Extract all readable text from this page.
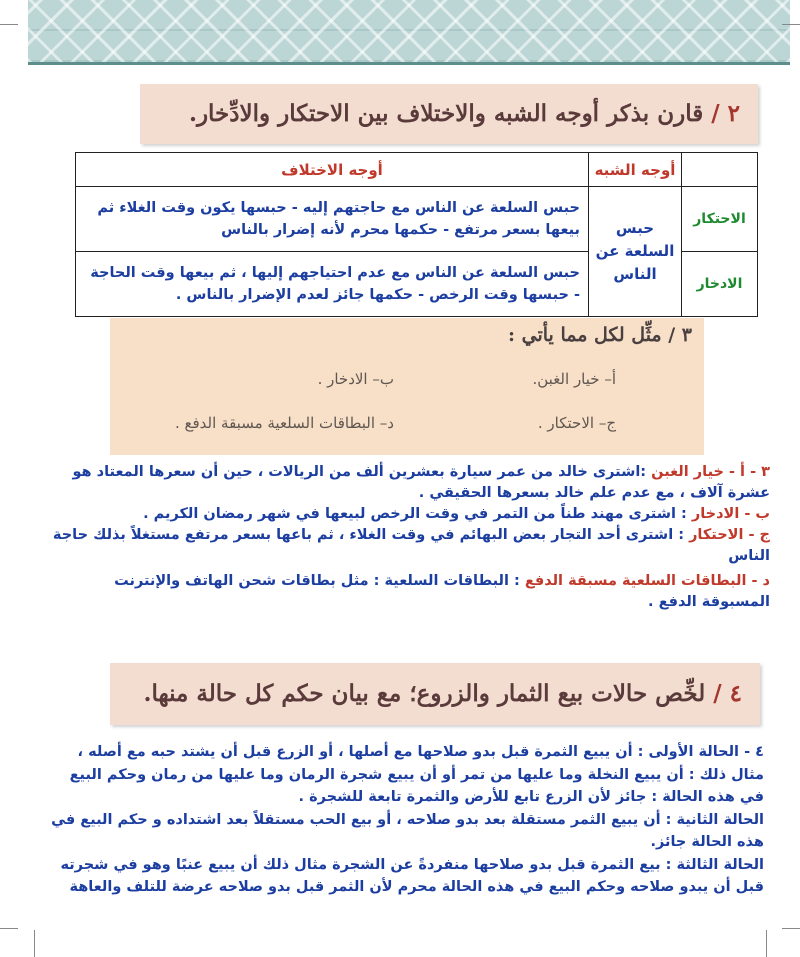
٢ / قارن بذكر أوجه الشبه والاختلاف بين الاحتكار والادِّخار.
	أوجه الشبه	أوجه الاختلاف
الاحتكار	حبس السلعة عن الناس	حبس السلعة عن الناس مع حاجتهم إليه - حبسها يكون وقت الغلاء ثم بيعها بسعر مرتفع - حكمها محرم لأنه إضرار بالناس
الادخار		حبس السلعة عن الناس مع عدم احتياجهم إليها ، ثم بيعها وقت الحاجة - حبسها وقت الرخص - حكمها جائز لعدم الإضرار بالناس .
٣ / مثِّل لكل مما يأتي :
أ– خيار الغبن.
ب– الادخار .
ج– الاحتكار .
د– البطاقات السلعية مسبقة الدفع .

٣ - أ - خيار الغبن :اشترى خالد من عمر سيارة بعشرين ألف من الريالات ، حين أن سعرها المعتاد هو عشرة آلاف ، مع عدم علم خالد بسعرها الحقيقي .

ب - الادخار : اشترى مهند طناً من التمر في وقت الرخص لبيعها في شهر رمضان الكريم .

ج - الاحتكار : اشترى أحد التجار بعض البهائم في وقت الغلاء ، ثم باعها بسعر مرتفع مستغلاً بذلك حاجة الناس

د - البطاقات السلعية مسبقة الدفع : البطاقات السلعية : مثل بطاقات شحن الهاتف والإنترنت المسبوقة الدفع .

٤ / لخِّص حالات بيع الثمار والزروع؛ مع بيان حكم كل حالة منها.

٤ - الحالة الأولى : أن يبيع الثمرة قبل بدو صلاحها مع أصلها ، أو الزرع قبل أن يشتد حبه مع أصله ، مثال ذلك : أن يبيع النخلة وما عليها من تمر أو أن يبيع شجرة الرمان وما عليها من رمان وحكم البيع في هذه الحالة : جائز لأن الزرع تابع للأرض والثمرة تابعة للشجرة .

الحالة الثانية : أن يبيع الثمر مستقلة بعد بدو صلاحه ، أو بيع الحب مستقلاً بعد اشتداده و حكم البيع في هذه الحالة جائز.

الحالة الثالثة : بيع الثمرة قبل بدو صلاحها منفردةً عن الشجرة مثال ذلك أن يبيع عنبًا وهو في شجرته قبل أن يبدو صلاحه وحكم البيع في هذه الحالة محرم لأن الثمر قبل بدو صلاحه عرضة للتلف والعاهة
